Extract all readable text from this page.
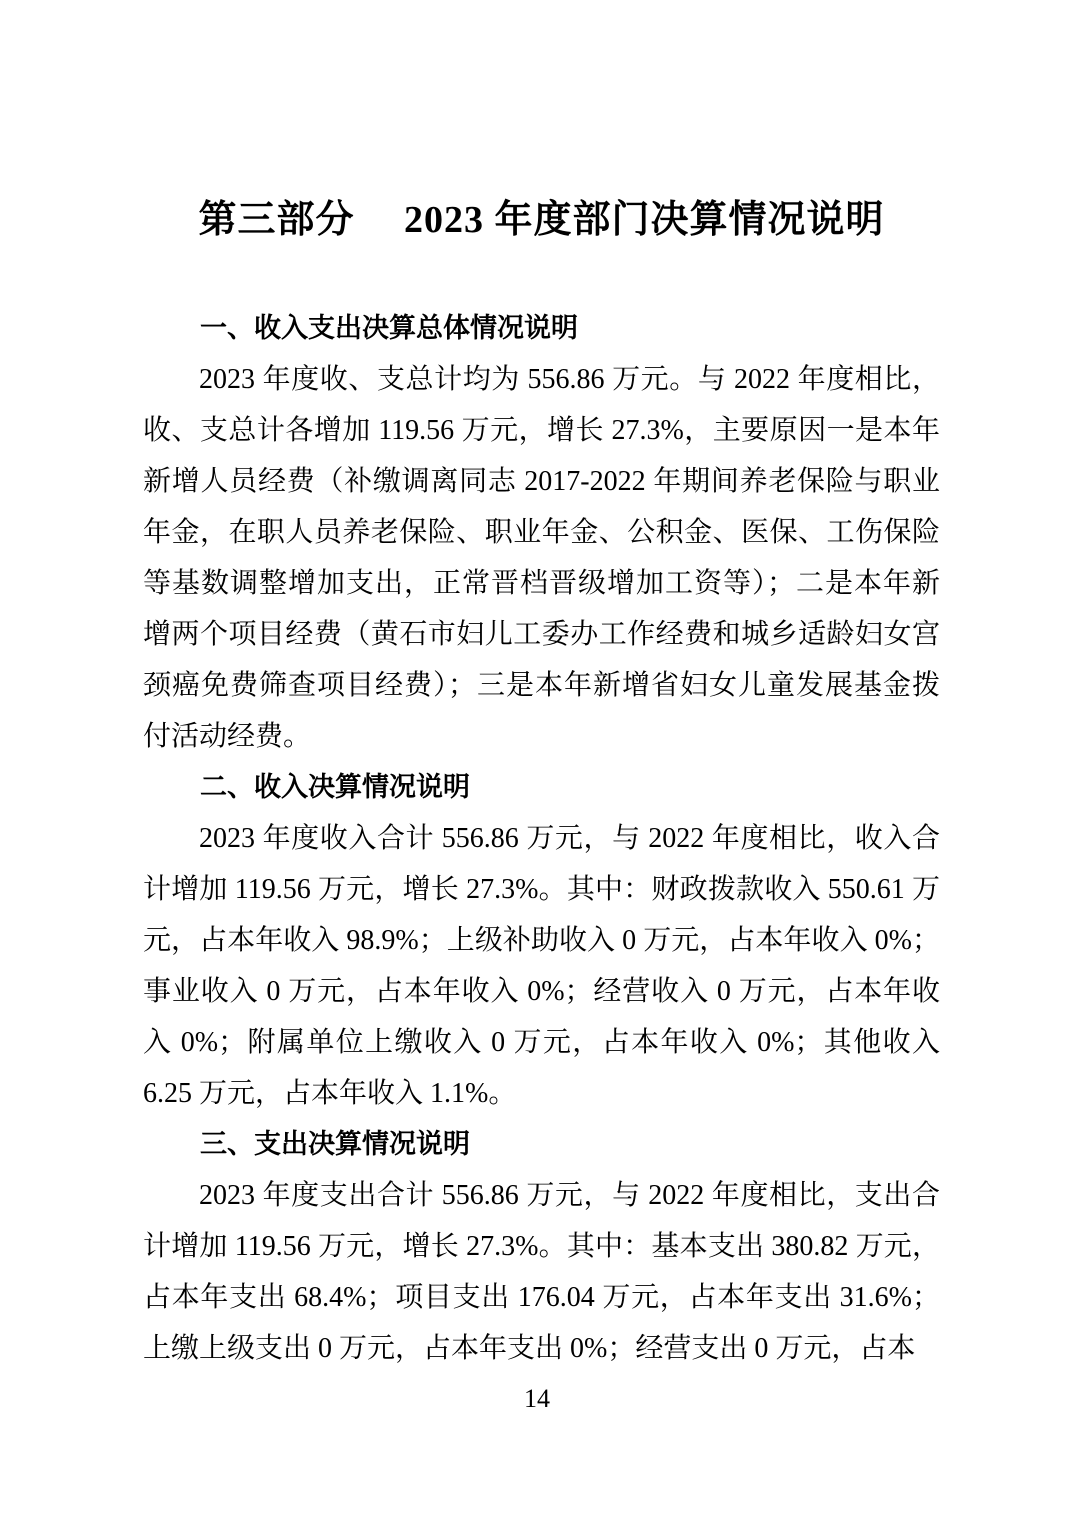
第三部分　 2023 年度部门决算情况说明
一、收入支出决算总体情况说明

2023 年度收、支总计均为 556.86 万元。与 2022 年度相比，收、支总计各增加 119.56 万元，增长 27.3%，主要原因一是本年新增人员经费（补缴调离同志 2017-2022 年期间养老保险与职业年金，在职人员养老保险、职业年金、公积金、医保、工伤保险等基数调整增加支出，正常晋档晋级增加工资等）；二是本年新增两个项目经费（黄石市妇儿工委办工作经费和城乡适龄妇女宫颈癌免费筛查项目经费）；三是本年新增省妇女儿童发展基金拨付活动经费。

二、收入决算情况说明

2023 年度收入合计 556.86 万元，与 2022 年度相比，收入合计增加 119.56 万元，增长 27.3%。其中：财政拨款收入 550.61 万元，占本年收入 98.9%；上级补助收入 0 万元，占本年收入 0%；事业收入 0 万元，占本年收入 0%；经营收入 0 万元，占本年收入 0%；附属单位上缴收入 0 万元，占本年收入 0%；其他收入 6.25 万元，占本年收入 1.1%。

三、支出决算情况说明

2023 年度支出合计 556.86 万元，与 2022 年度相比，支出合计增加 119.56 万元，增长 27.3%。其中：基本支出 380.82 万元，占本年支出 68.4%；项目支出 176.04 万元，占本年支出 31.6%；上缴上级支出 0 万元，占本年支出 0%；经营支出 0 万元，占本

14
